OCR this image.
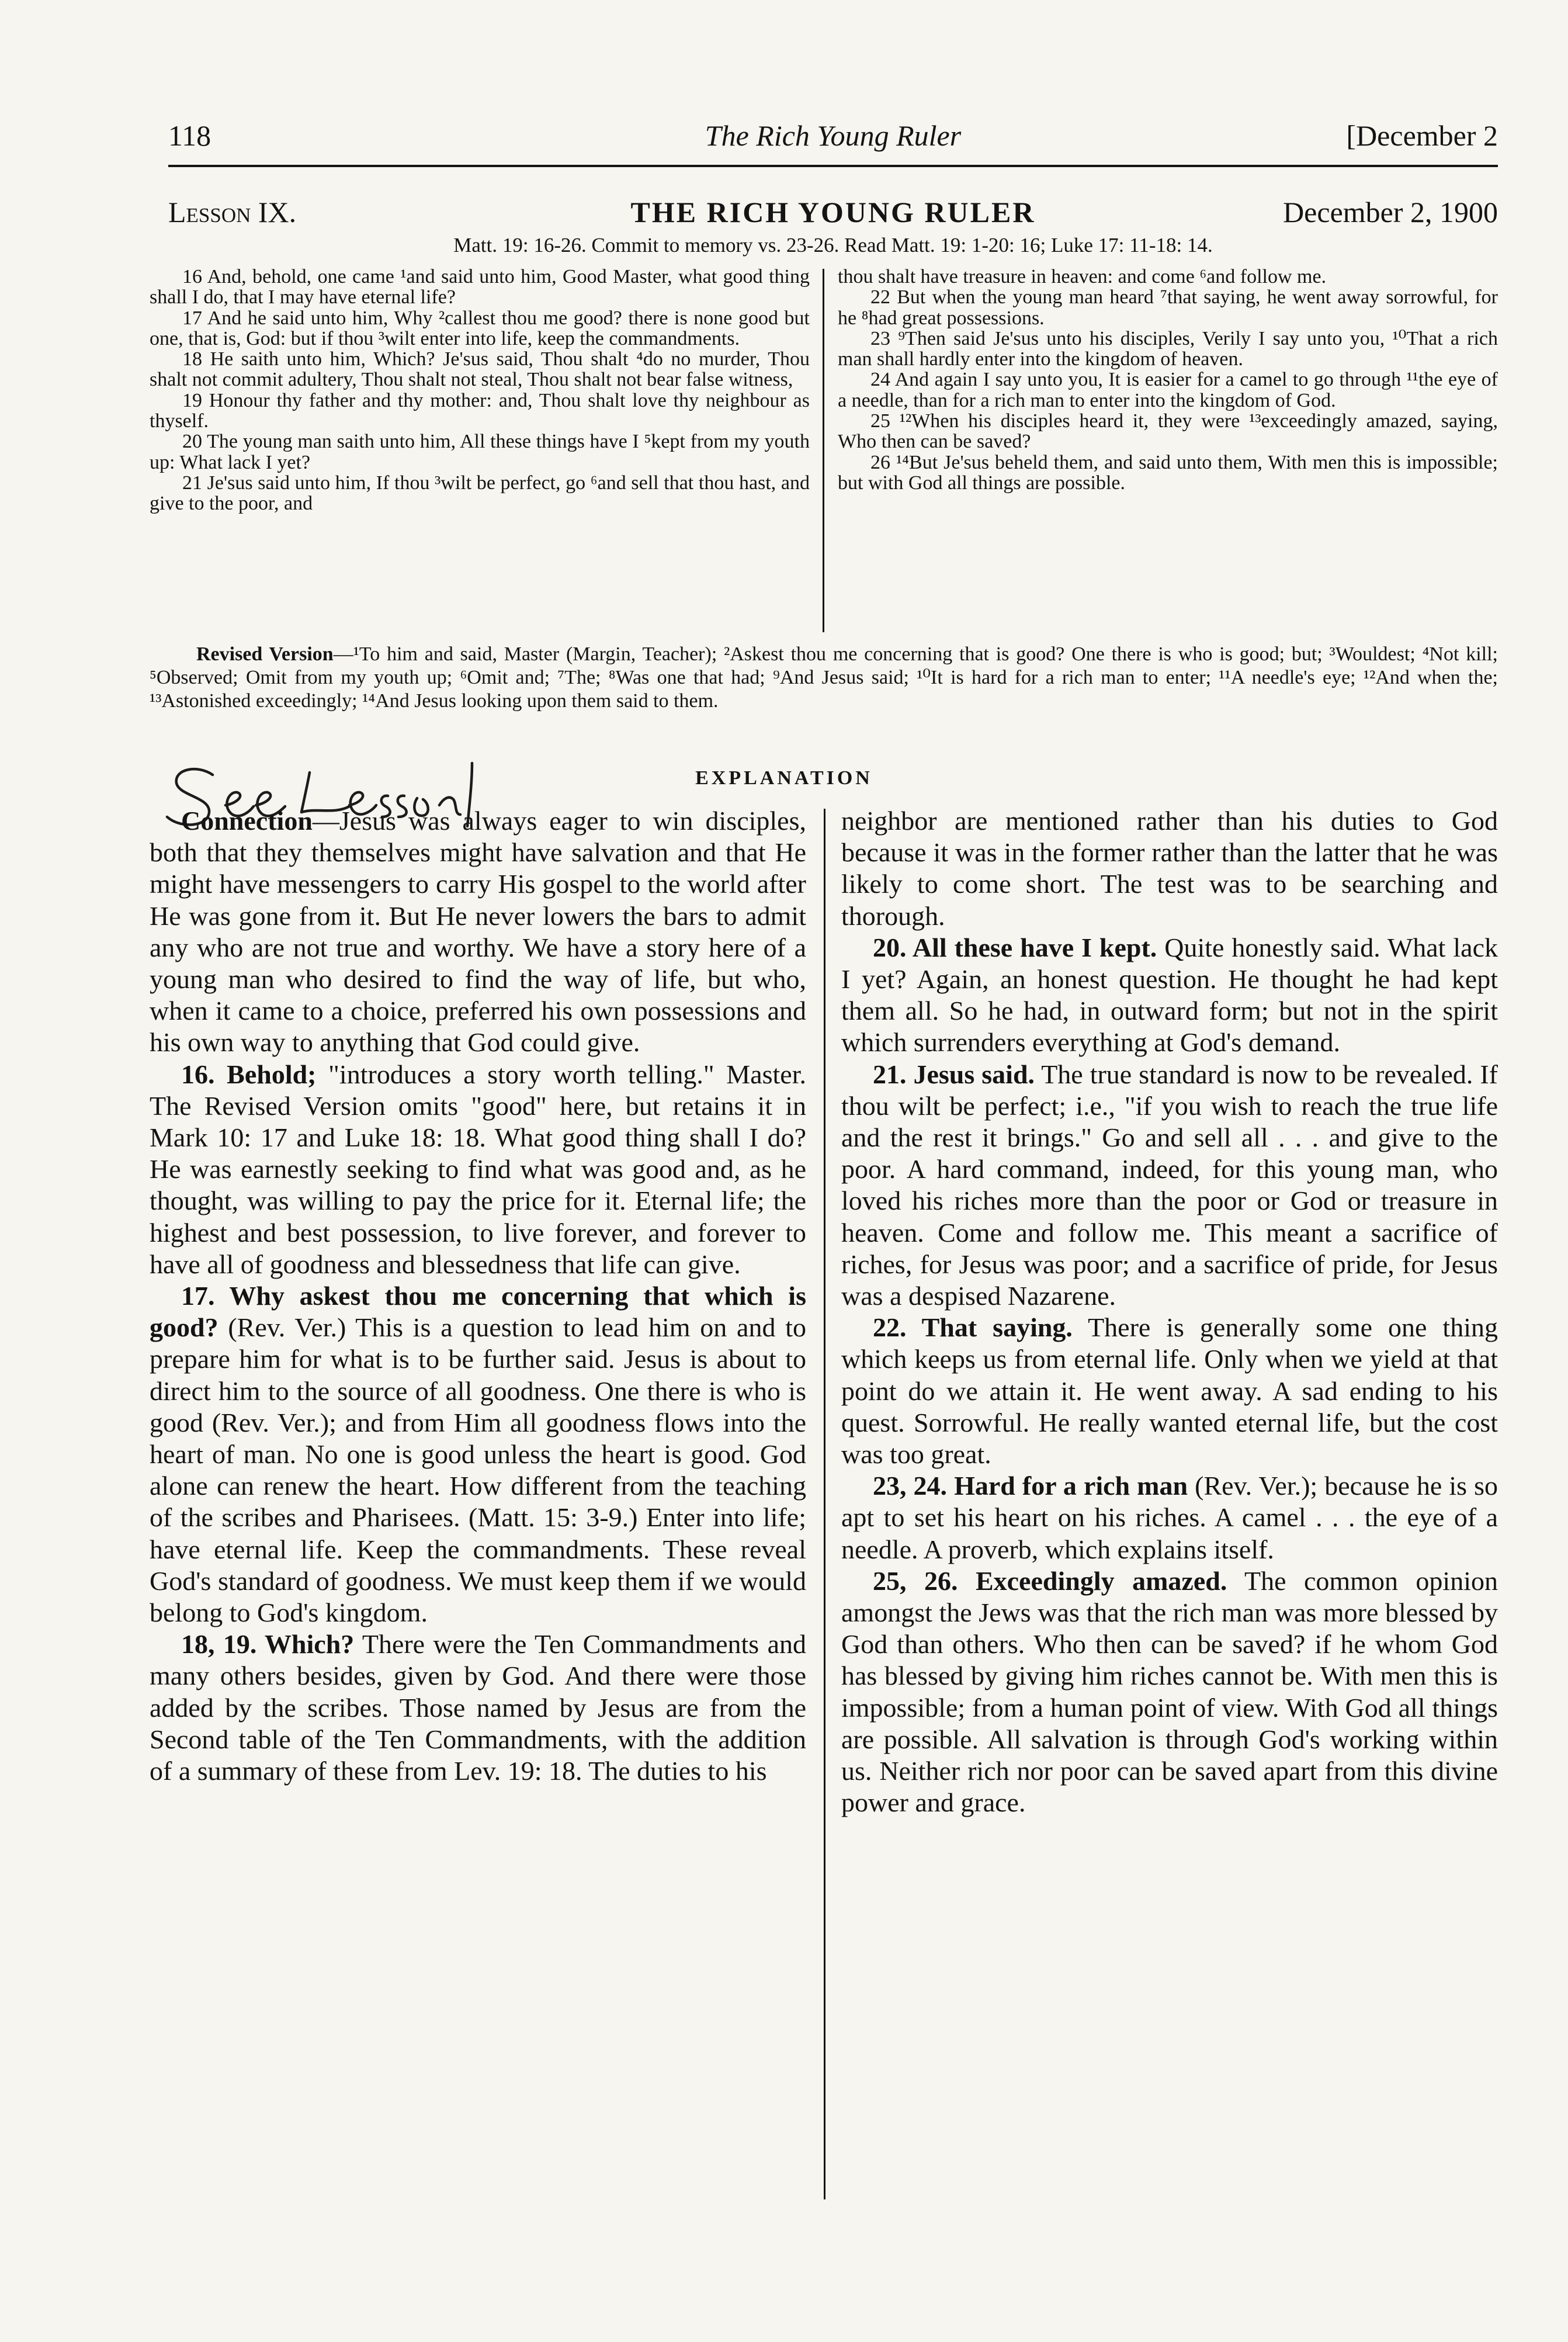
118	The Rich Young Ruler	[December 2
Lesson IX.	THE RICH YOUNG RULER	December 2, 1900
Matt. 19: 16-26. Commit to memory vs. 23-26. Read Matt. 19: 1-20: 16; Luke 17: 11-18: 14.

16 And, behold, one came ¹and said unto him, Good Master, what good thing shall I do, that I may have eternal life?

17 And he said unto him, Why ²callest thou me good? there is none good but one, that is, God: but if thou ³wilt enter into life, keep the commandments.

18 He saith unto him, Which? Je'sus said, Thou shalt ⁴do no murder, Thou shalt not commit adultery, Thou shalt not steal, Thou shalt not bear false witness,

19 Honour thy father and thy mother: and, Thou shalt love thy neighbour as thyself.

20 The young man saith unto him, All these things have I ⁵kept from my youth up: What lack I yet?

21 Je'sus said unto him, If thou ³wilt be perfect, go ⁶and sell that thou hast, and give to the poor, and

thou shalt have treasure in heaven: and come ⁶and follow me.

22 But when the young man heard ⁷that saying, he went away sorrowful, for he ⁸had great possessions.

23 ⁹Then said Je'sus unto his disciples, Verily I say unto you, ¹⁰That a rich man shall hardly enter into the kingdom of heaven.

24 And again I say unto you, It is easier for a camel to go through ¹¹the eye of a needle, than for a rich man to enter into the kingdom of God.

25 ¹²When his disciples heard it, they were ¹³exceedingly amazed, saying, Who then can be saved?

26 ¹⁴But Je'sus beheld them, and said unto them, With men this is impossible; but with God all things are possible.

Revised Version—¹To him and said, Master (Margin, Teacher); ²Askest thou me concerning that is good? One there is who is good; but; ³Wouldest; ⁴Not kill; ⁵Observed; Omit from my youth up; ⁶Omit and; ⁷The; ⁸Was one that had; ⁹And Jesus said; ¹⁰It is hard for a rich man to enter; ¹¹A needle's eye; ¹²And when the; ¹³Astonished exceedingly; ¹⁴And Jesus looking upon them said to them.
EXPLANATION

Connection—Jesus was always eager to win disciples, both that they themselves might have salvation and that He might have messengers to carry His gospel to the world after He was gone from it. But He never lowers the bars to admit any who are not true and worthy. We have a story here of a young man who desired to find the way of life, but who, when it came to a choice, preferred his own possessions and his own way to anything that God could give.

16. Behold; "introduces a story worth telling." Master. The Revised Version omits "good" here, but retains it in Mark 10: 17 and Luke 18: 18. What good thing shall I do? He was earnestly seeking to find what was good and, as he thought, was willing to pay the price for it. Eternal life; the highest and best possession, to live forever, and forever to have all of goodness and blessedness that life can give.

17. Why askest thou me concerning that which is good? (Rev. Ver.) This is a question to lead him on and to prepare him for what is to be further said. Jesus is about to direct him to the source of all goodness. One there is who is good (Rev. Ver.); and from Him all goodness flows into the heart of man. No one is good unless the heart is good. God alone can renew the heart. How different from the teaching of the scribes and Pharisees. (Matt. 15: 3-9.) Enter into life; have eternal life. Keep the commandments. These reveal God's standard of goodness. We must keep them if we would belong to God's kingdom.

18, 19. Which? There were the Ten Commandments and many others besides, given by God. And there were those added by the scribes. Those named by Jesus are from the Second table of the Ten Commandments, with the addition of a summary of these from Lev. 19: 18. The duties to his

neighbor are mentioned rather than his duties to God because it was in the former rather than the latter that he was likely to come short. The test was to be searching and thorough.

20. All these have I kept. Quite honestly said. What lack I yet? Again, an honest question. He thought he had kept them all. So he had, in outward form; but not in the spirit which surrenders everything at God's demand.

21. Jesus said. The true standard is now to be revealed. If thou wilt be perfect; i.e., "if you wish to reach the true life and the rest it brings." Go and sell all . . . and give to the poor. A hard command, indeed, for this young man, who loved his riches more than the poor or God or treasure in heaven. Come and follow me. This meant a sacrifice of riches, for Jesus was poor; and a sacrifice of pride, for Jesus was a despised Nazarene.

22. That saying. There is generally some one thing which keeps us from eternal life. Only when we yield at that point do we attain it. He went away. A sad ending to his quest. Sorrowful. He really wanted eternal life, but the cost was too great.

23, 24. Hard for a rich man (Rev. Ver.); because he is so apt to set his heart on his riches. A camel . . . the eye of a needle. A proverb, which explains itself.

25, 26. Exceedingly amazed. The common opinion amongst the Jews was that the rich man was more blessed by God than others. Who then can be saved? if he whom God has blessed by giving him riches cannot be. With men this is impossible; from a human point of view. With God all things are possible. All salvation is through God's working within us. Neither rich nor poor can be saved apart from this divine power and grace.
